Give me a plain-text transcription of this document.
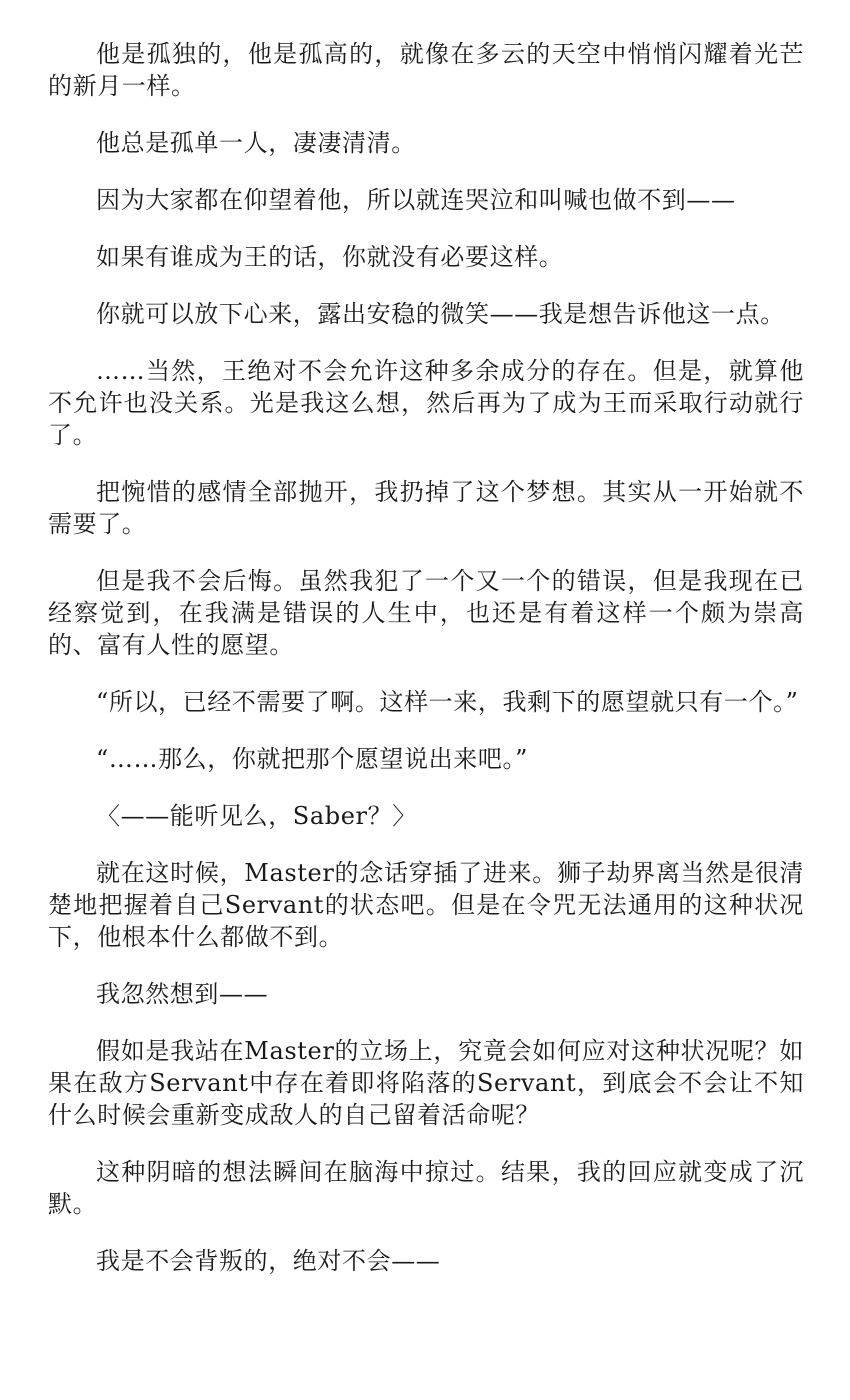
他是孤独的，他是孤高的，就像在多云的天空中悄悄闪耀着光芒的新月一样。

他总是孤单一人，凄凄清清。

因为大家都在仰望着他，所以就连哭泣和叫喊也做不到——

如果有谁成为王的话，你就没有必要这样。

你就可以放下心来，露出安稳的微笑——我是想告诉他这一点。

……当然，王绝对不会允许这种多余成分的存在。但是，就算他不允许也没关系。光是我这么想，然后再为了成为王而采取行动就行了。

把惋惜的感情全部抛开，我扔掉了这个梦想。其实从一开始就不需要了。

但是我不会后悔。虽然我犯了一个又一个的错误，但是我现在已经察觉到，在我满是错误的人生中，也还是有着这样一个颇为崇高的、富有人性的愿望。

“所以，已经不需要了啊。这样一来，我剩下的愿望就只有一个。”

“……那么，你就把那个愿望说出来吧。”

〈——能听见么，Saber？〉

就在这时候，Master的念话穿插了进来。狮子劫界离当然是很清楚地把握着自己Servant的状态吧。但是在令咒无法通用的这种状况下，他根本什么都做不到。

我忽然想到——

假如是我站在Master的立场上，究竟会如何应对这种状况呢？如果在敌方Servant中存在着即将陷落的Servant，到底会不会让不知什么时候会重新变成敌人的自己留着活命呢？

这种阴暗的想法瞬间在脑海中掠过。结果，我的回应就变成了沉默。

我是不会背叛的，绝对不会——
